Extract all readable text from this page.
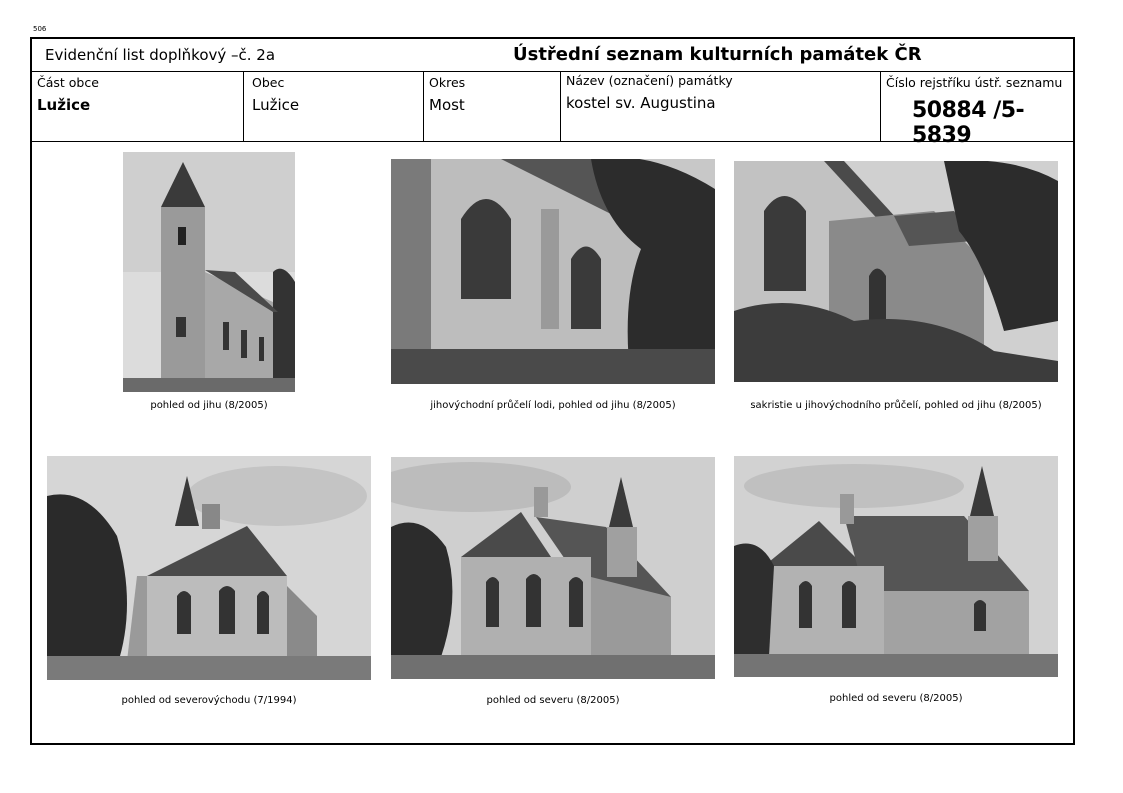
506
Evidenční list doplňkový –č. 2a	Ústřední seznam kulturních památek ČR
Část obce
Lužice
Obec
Lužice
Okres
Most
Název (označení) památky
kostel sv. Augustina
Číslo rejstříku ústř. seznamu
50884 /5-5839
pohled od jihu (8/2005)	jihovýchodní průčelí lodi, pohled od jihu (8/2005)	sakristie u jihovýchodního průčelí, pohled od jihu (8/2005)
pohled od severovýchodu (7/1994)	pohled od severu (8/2005)	pohled od severu (8/2005)
